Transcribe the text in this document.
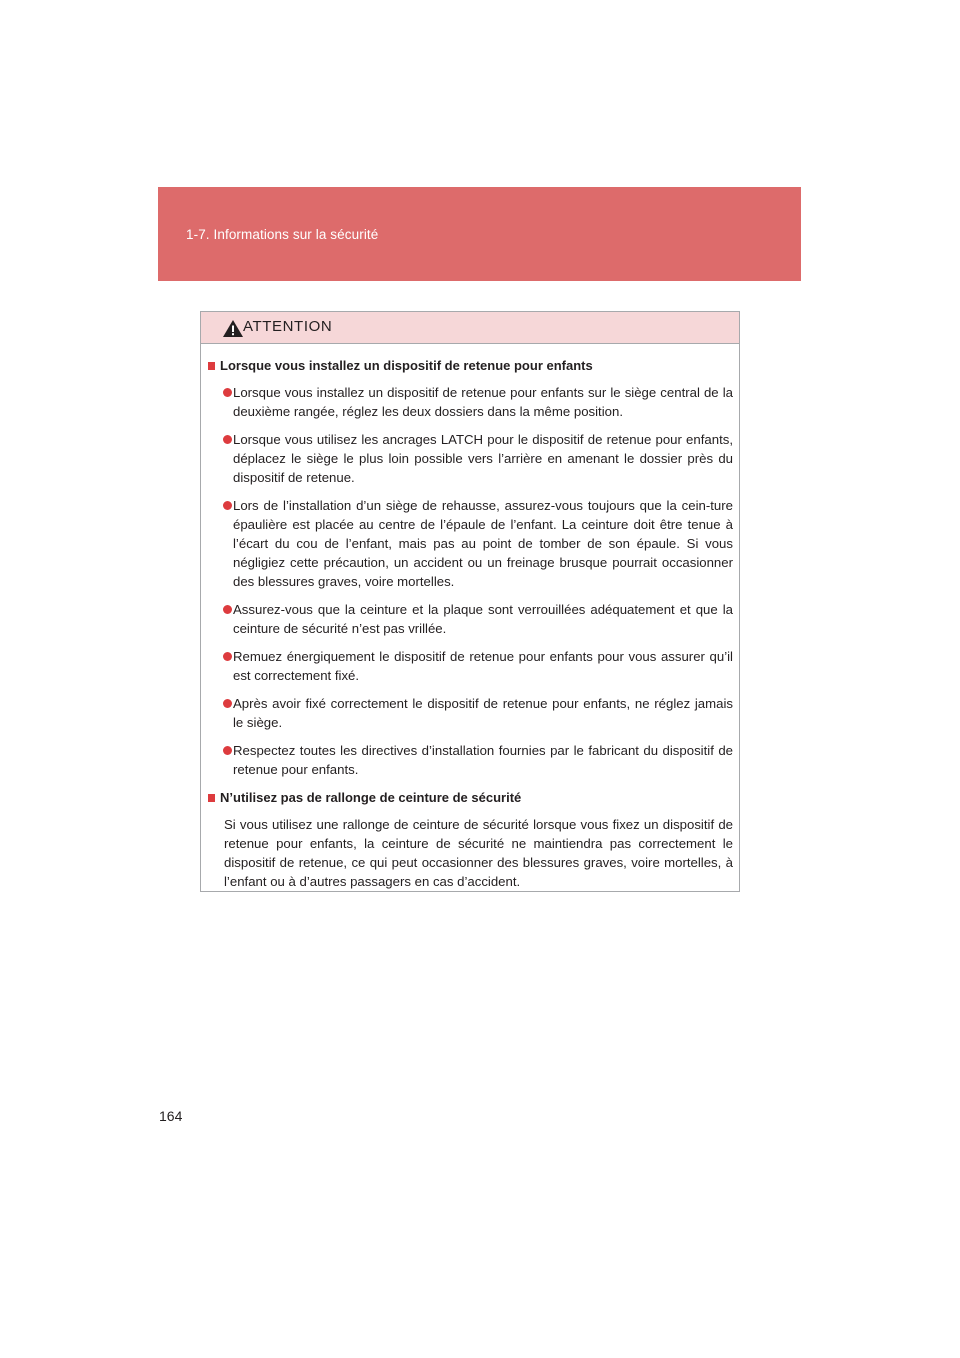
1-7. Informations sur la sécurité
ATTENTION
Lorsque vous installez un dispositif de retenue pour enfants
Lorsque vous installez un dispositif de retenue pour enfants sur le siège central de la deuxième rangée, réglez les deux dossiers dans la même position.
Lorsque vous utilisez les ancrages LATCH pour le dispositif de retenue pour enfants, déplacez le siège le plus loin possible vers l’arrière en amenant le dossier près du dispositif de retenue.
Lors de l’installation d’un siège de rehausse, assurez-vous toujours que la cein-ture épaulière est placée au centre de l’épaule de l’enfant. La ceinture doit être tenue à l’écart du cou de l’enfant, mais pas au point de tomber de son épaule. Si vous négligiez cette précaution, un accident ou un freinage brusque pourrait occasionner des blessures graves, voire mortelles.
Assurez-vous que la ceinture et la plaque sont verrouillées adéquatement et que la ceinture de sécurité n’est pas vrillée.
Remuez énergiquement le dispositif de retenue pour enfants pour vous assurer qu’il est correctement fixé.
Après avoir fixé correctement le dispositif de retenue pour enfants, ne réglez jamais le siège.
Respectez toutes les directives d’installation fournies par le fabricant du dispositif de retenue pour enfants.
N’utilisez pas de rallonge de ceinture de sécurité

Si vous utilisez une rallonge de ceinture de sécurité lorsque vous fixez un dispositif de retenue pour enfants, la ceinture de sécurité ne maintiendra pas correctement le dispositif de retenue, ce qui peut occasionner des blessures graves, voire mortelles, à l’enfant ou à d’autres passagers en cas d’accident.

164
